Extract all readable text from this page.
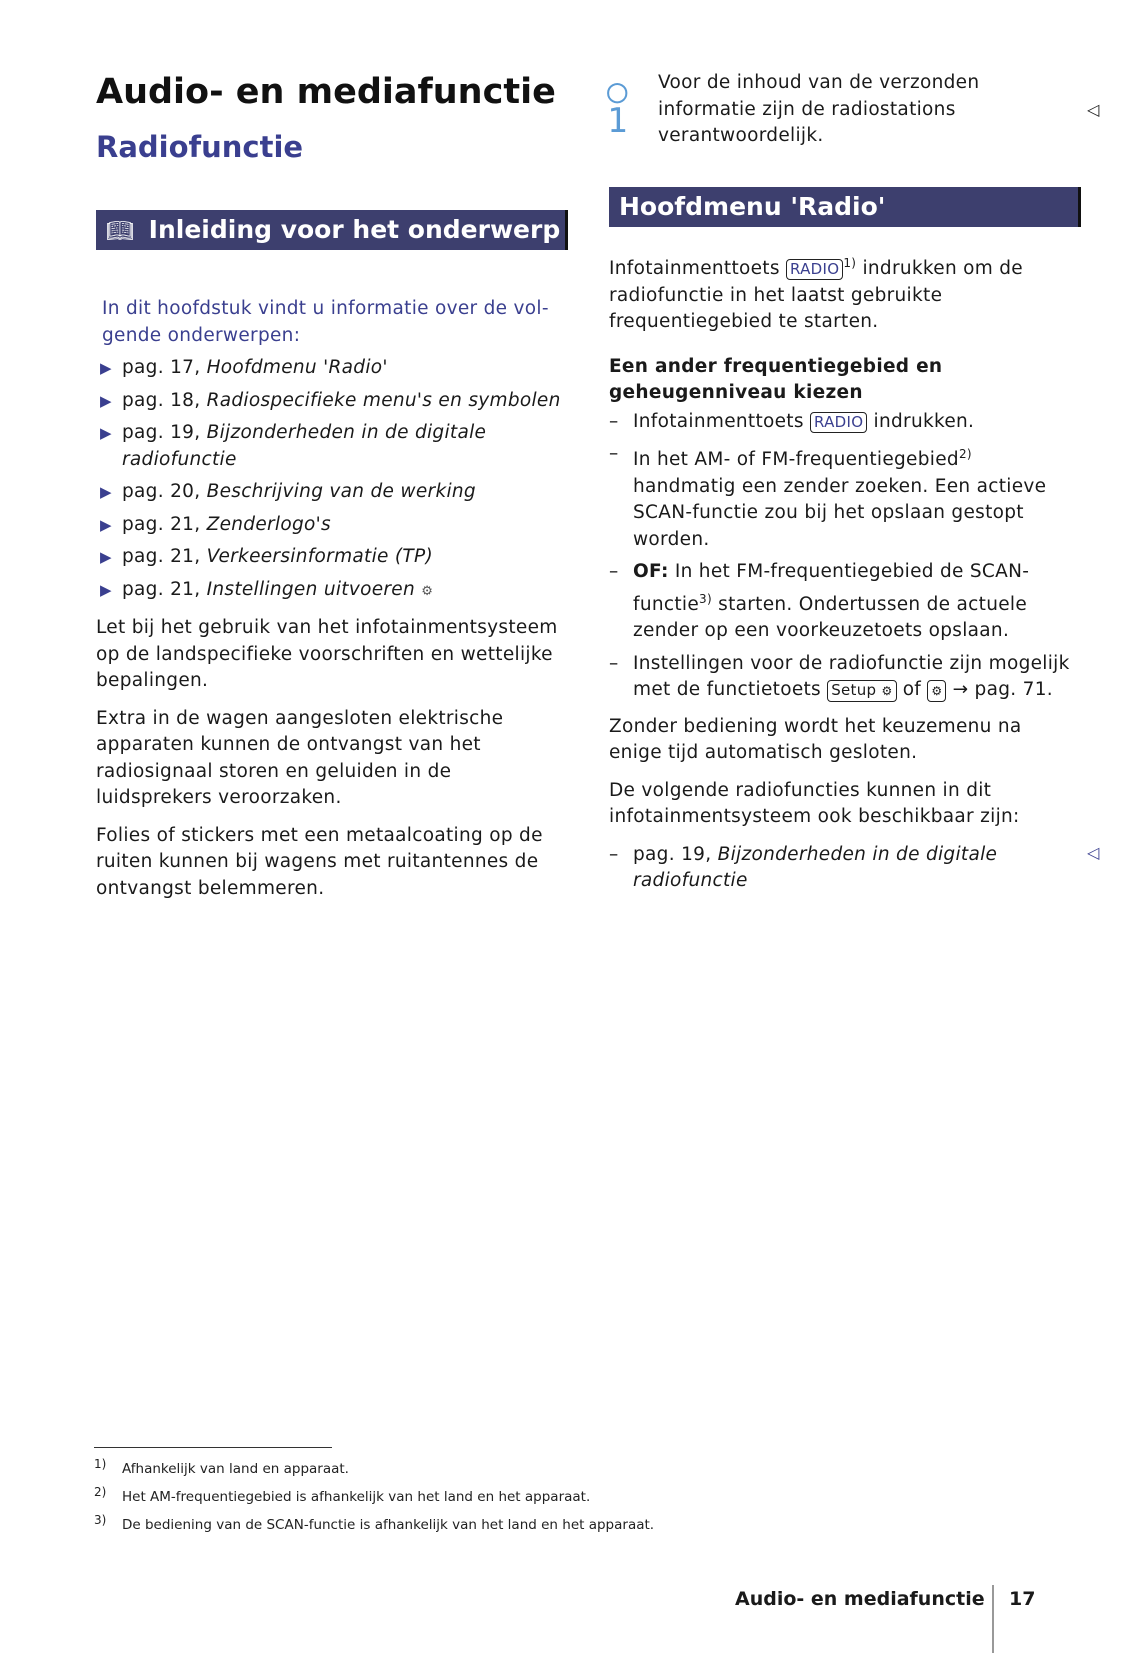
Audio- en mediafunctie
Radiofunctie
📖︎ Inleiding voor het onderwerp

In dit hoofdstuk vindt u informatie over de vol-gende onderwerpen:

▶ pag. 17, Hoofdmenu 'Radio'
▶ pag. 18, Radiospecifieke menu's en symbolen
▶ pag. 19, Bijzonderheden in de digitale radiofunctie
▶ pag. 20, Beschrijving van de werking
▶ pag. 21, Zenderlogo's
▶ pag. 21, Verkeersinformatie (TP)
▶ pag. 21, Instellingen uitvoeren ⚙

Let bij het gebruik van het infotainmentsysteem op de landspecifieke voorschriften en wettelijke bepalingen.

Extra in de wagen aangesloten elektrische apparaten kunnen de ontvangst van het radiosignaal storen en geluiden in de luidsprekers veroorzaken.

Folies of stickers met een metaalcoating op de ruiten kunnen bij wagens met ruitantennes de ontvangst belemmeren.

○
1
Voor de inhoud van de verzonden informatie zijn de radiostations verantwoordelijk.
◁
Hoofdmenu 'Radio'

Infotainmenttoets RADIO $^{1)}$ indrukken om de radiofunctie in het laatst gebruikte frequentiegebied te starten.

Een ander frequentiegebied en geheugenniveau kiezen

– Infotainmenttoets RADIO indrukken.
– In het AM- of FM-frequentiegebied$^{2)}$ handmatig een zender zoeken. Een actieve SCAN-functie zou bij het opslaan gestopt worden.
– OF: In het FM-frequentiegebied de SCAN-functie$^{3)}$ starten. Ondertussen de actuele zender op een voorkeuzetoets opslaan.
– Instellingen voor de radiofunctie zijn mogelijk met de functietoets Setup ⚙ of ⚙ → pag. 71.

Zonder bediening wordt het keuzemenu na enige tijd automatisch gesloten.

De volgende radiofuncties kunnen in dit infotainmentsysteem ook beschikbaar zijn:

– pag. 19, Bijzonderheden in de digitale radiofunctie
◁
1) Afhankelijk van land en apparaat.
2) Het AM-frequentiegebied is afhankelijk van het land en het apparaat.
3) De bediening van de SCAN-functie is afhankelijk van het land en het apparaat.
Audio- en mediafunctie 17
